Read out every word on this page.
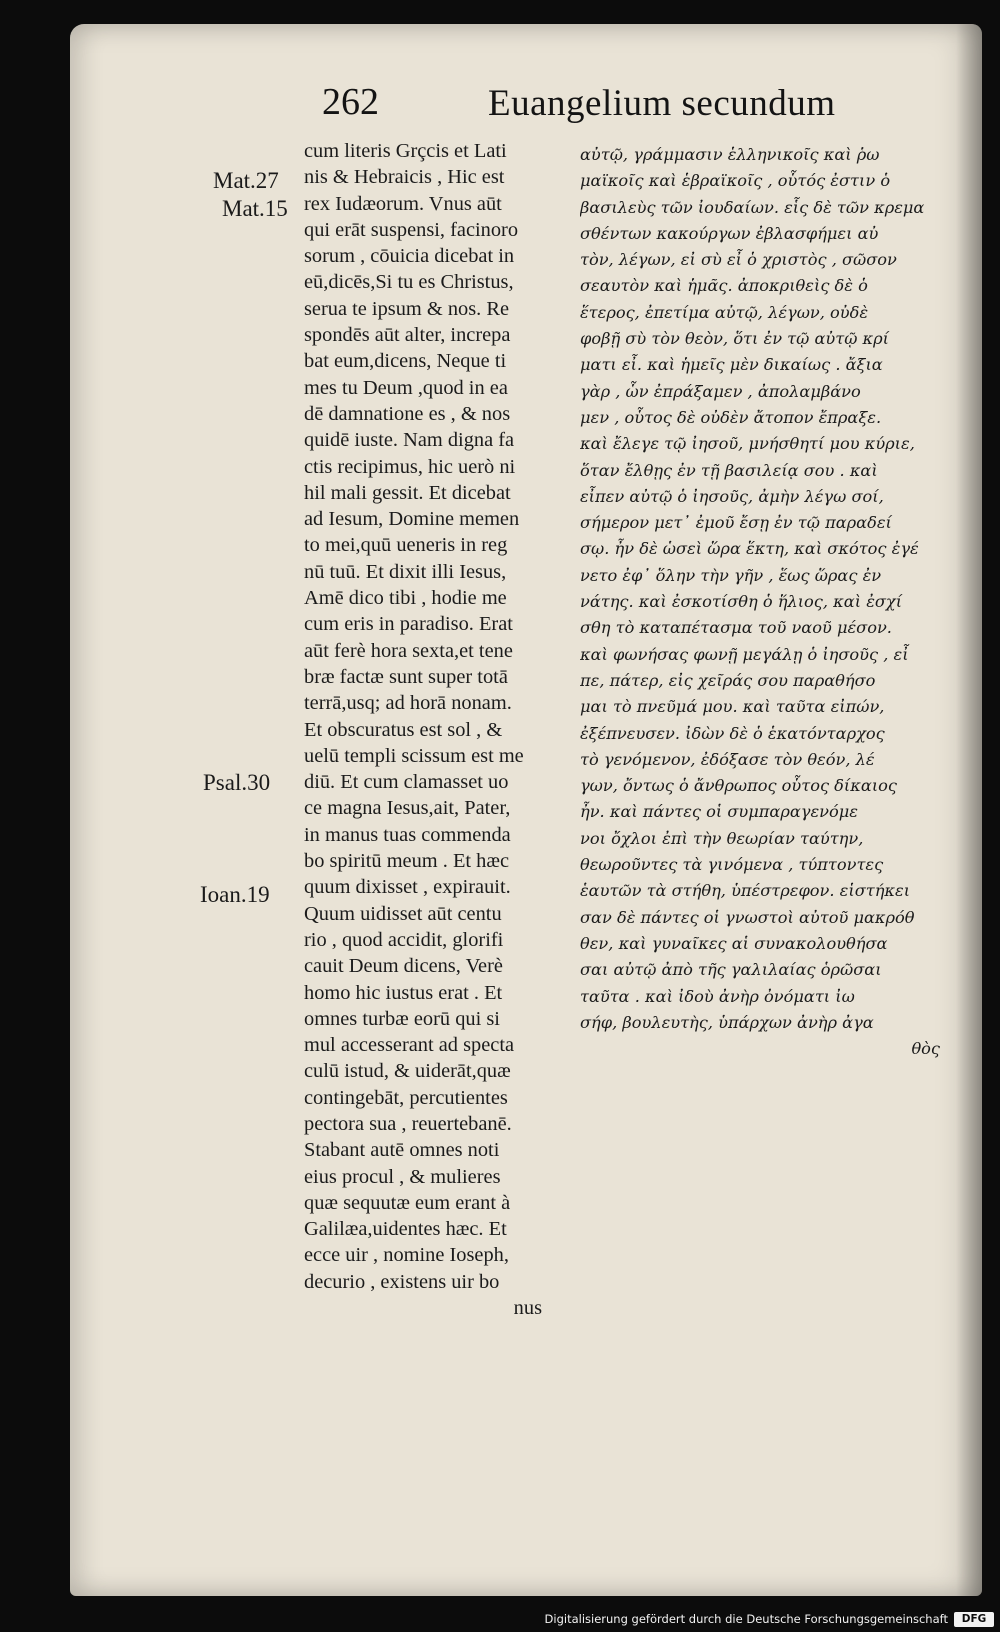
262	Euangelium secundum
Mat.27
Mat.15
Psal.30
Ioan.19
cum literis Grçcis et Lati
nis & Hebraicis , Hic est
rex Iudæorum. Vnus aūt
qui erāt suspensi, facinoro
sorum , cōuicia dicebat in
eū,dicēs,Si tu es Christus,
serua te ipsum & nos. Re
spondēs aūt alter, increpa
bat eum,dicens, Neque ti
mes tu Deum ,quod in ea
dē damnatione es , & nos
quidē iuste. Nam digna fa
ctis recipimus, hic uerò ni
hil mali gessit. Et dicebat
ad Iesum, Domine memen
to mei,quū ueneris in reg
nū tuū. Et dixit illi Iesus,
Amē dico tibi , hodie me
cum eris in paradiso. Erat
aūt ferè hora sexta,et tene
bræ factæ sunt super totā
terrā,usq; ad horā nonam.
Et obscuratus est sol , &
uelū templi scissum est me
diū. Et cum clamasset uo
ce magna Iesus,ait, Pater,
in manus tuas commenda
bo spiritū meum . Et hæc
quum dixisset , expirauit.
Quum uidisset aūt centu
rio , quod accidit, glorifi
cauit Deum dicens, Verè
homo hic iustus erat . Et
omnes turbæ eorū qui si
mul accesserant ad specta
culū istud, & uiderāt,quæ
contingebāt, percutientes
pectora sua , reuertebanē.
Stabant autē omnes noti
eius procul , & mulieres
quæ sequutæ eum erant à
Galilæa,uidentes hæc. Et
ecce uir , nomine Ioseph,
decurio , existens uir bo
nus
αὐτῷ, γράμμασιν ἑλληνικοῖς καὶ ῥω
μαϊκοῖς καὶ ἑβραϊκοῖς , οὗτός ἐστιν ὁ
βασιλεὺς τῶν ἰουδαίων. εἷς δὲ τῶν κρεμα
σθέντων κακούργων ἐβλασφήμει αὐ
τὸν, λέγων, εἰ σὺ εἶ ὁ χριστὸς , σῶσον
σεαυτὸν καὶ ἡμᾶς. ἀποκριθεὶς δὲ ὁ
ἕτερος, ἐπετίμα αὐτῷ, λέγων, οὐδὲ
φοβῇ σὺ τὸν θεὸν, ὅτι ἐν τῷ αὐτῷ κρί
ματι εἶ. καὶ ἡμεῖς μὲν δικαίως . ἄξια
γὰρ , ὧν ἐπράξαμεν , ἀπολαμβάνο
μεν , οὗτος δὲ οὐδὲν ἄτοπον ἔπραξε.
καὶ ἔλεγε τῷ ἰησοῦ, μνήσθητί μου κύριε,
ὅταν ἔλθῃς ἐν τῇ βασιλείᾳ σου . καὶ
εἶπεν αὐτῷ ὁ ἰησοῦς, ἀμὴν λέγω σοί,
σήμερον μετ᾽ ἐμοῦ ἔσῃ ἐν τῷ παραδεί
σῳ. ἦν δὲ ὡσεὶ ὥρα ἕκτη, καὶ σκότος ἐγέ
νετο ἐφ᾽ ὅλην τὴν γῆν , ἕως ὥρας ἐν
νάτης. καὶ ἐσκοτίσθη ὁ ἥλιος, καὶ ἐσχί
σθη τὸ καταπέτασμα τοῦ ναοῦ μέσον.
καὶ φωνήσας φωνῇ μεγάλῃ ὁ ἰησοῦς , εἶ
πε, πάτερ, εἰς χεῖράς σου παραθήσο
μαι τὸ πνεῦμά μου. καὶ ταῦτα εἰπών,
ἐξέπνευσεν. ἰδὼν δὲ ὁ ἑκατόνταρχος
τὸ γενόμενον, ἐδόξασε τὸν θεόν, λέ
γων, ὄντως ὁ ἄνθρωπος οὗτος δίκαιος
ἦν. καὶ πάντες οἱ συμπαραγενόμε
νοι ὄχλοι ἐπὶ τὴν θεωρίαν ταύτην,
θεωροῦντες τὰ γινόμενα , τύπτοντες
ἑαυτῶν τὰ στήθη, ὑπέστρεφον. εἱστήκει
σαν δὲ πάντες οἱ γνωστοὶ αὐτοῦ μακρόθ
θεν, καὶ γυναῖκες αἱ συνακολουθήσα
σαι αὐτῷ ἀπὸ τῆς γαλιλαίας ὁρῶσαι
ταῦτα . καὶ ἰδοὺ ἀνὴρ ὀνόματι ἰω
σήφ, βουλευτὴς, ὑπάρχων ἀνὴρ ἀγα
θὸς
Digitalisierung gefördert durch die Deutsche Forschungsgemeinschaft	DFG
